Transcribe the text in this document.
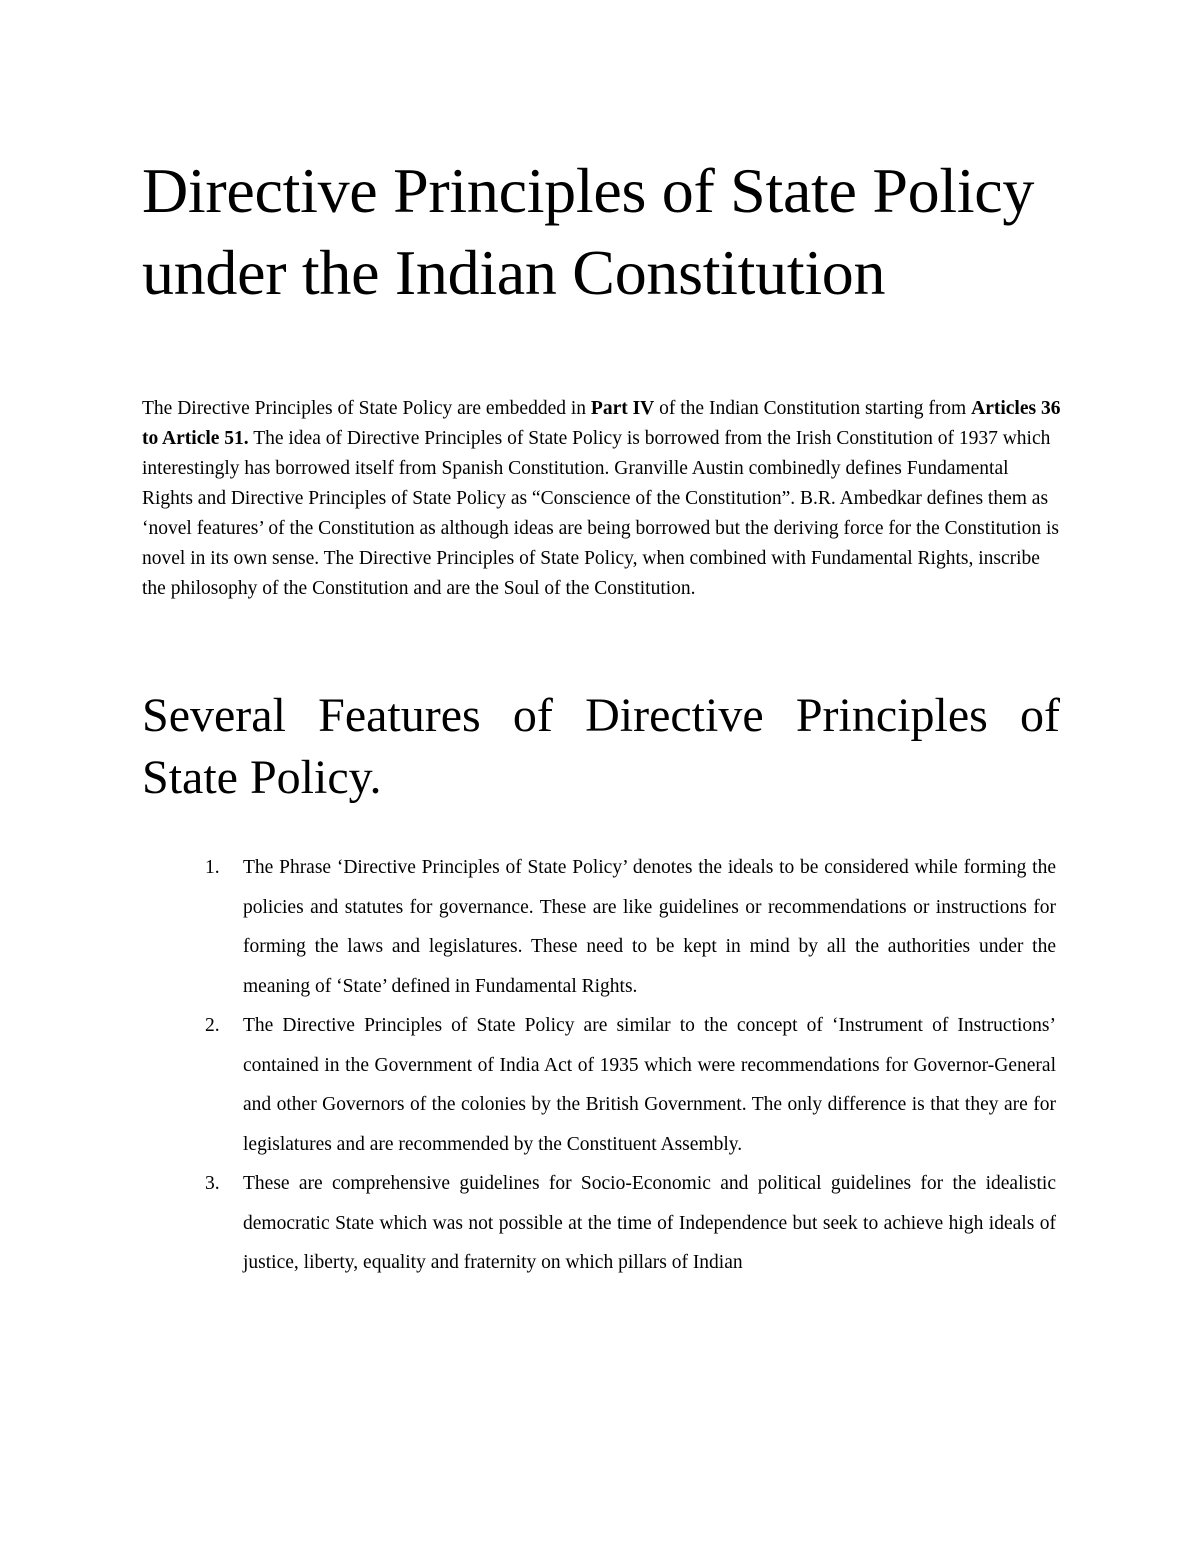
Directive Principles of State Policy under the Indian Constitution

The Directive Principles of State Policy are embedded in Part IV of the Indian Constitution starting from Articles 36 to Article 51. The idea of Directive Principles of State Policy is borrowed from the Irish Constitution of 1937 which interestingly has borrowed itself from Spanish Constitution. Granville Austin combinedly defines Fundamental Rights and Directive Principles of State Policy as “Conscience of the Constitution”. B.R. Ambedkar defines them as ‘novel features’ of the Constitution as although ideas are being borrowed but the deriving force for the Constitution is novel in its own sense. The Directive Principles of State Policy, when combined with Fundamental Rights, inscribe the philosophy of the Constitution and are the Soul of the Constitution.

Several Features of Directive Principles of State Policy.
1. The Phrase ‘Directive Principles of State Policy’ denotes the ideals to be considered while forming the policies and statutes for governance. These are like guidelines or recommendations or instructions for forming the laws and legislatures. These need to be kept in mind by all the authorities under the meaning of ‘State’ defined in Fundamental Rights.
2. The Directive Principles of State Policy are similar to the concept of ‘Instrument of Instructions’ contained in the Government of India Act of 1935 which were recommendations for Governor-General and other Governors of the colonies by the British Government. The only difference is that they are for legislatures and are recommended by the Constituent Assembly.
3. These are comprehensive guidelines for Socio-Economic and political guidelines for the idealistic democratic State which was not possible at the time of Independence but seek to achieve high ideals of justice, liberty, equality and fraternity on which pillars of Indian
